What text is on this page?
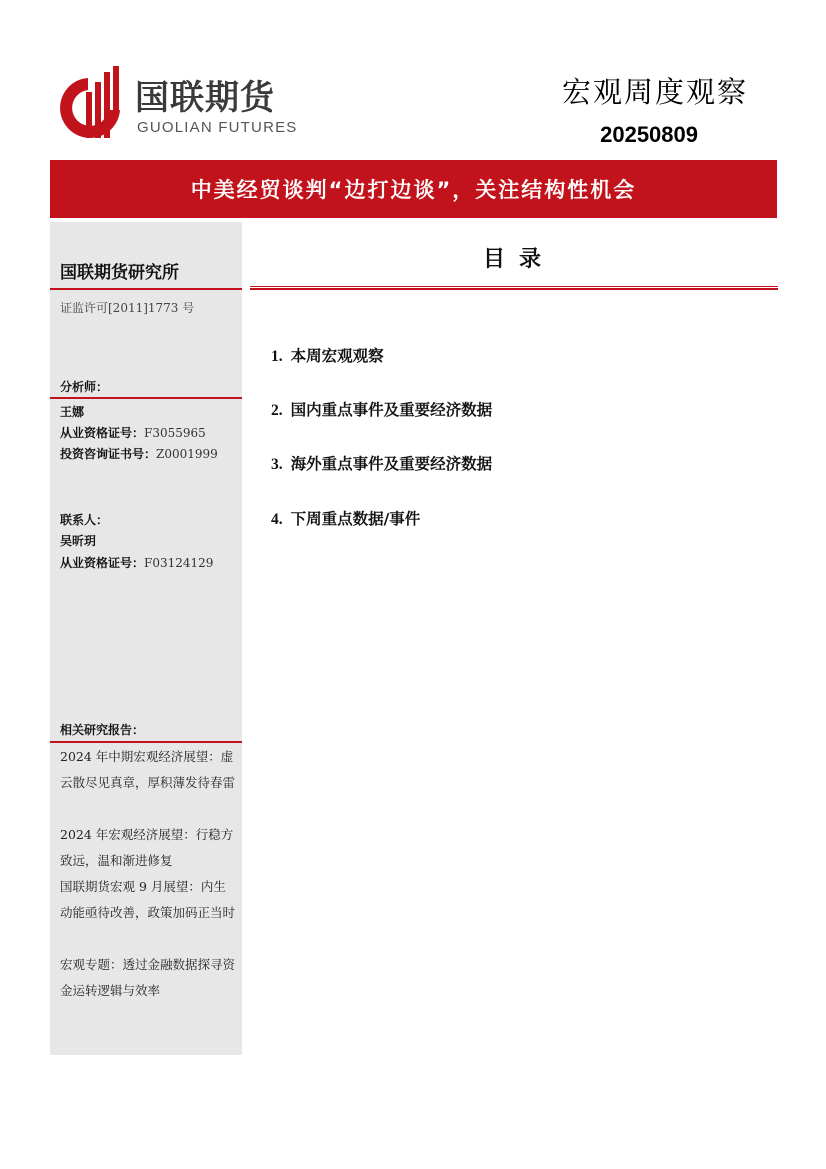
国联期货
GUOLIAN FUTURES
宏观周度观察
20250809
中美经贸谈判“边打边谈”，关注结构性机会
国联期货研究所
证监许可[2011]1773 号
分析师：
王娜
从业资格证号：F3055965
投资咨询证书号：Z0001999
联系人：
吴昕玥
从业资格证号：F03124129
相关研究报告：
2024 年中期宏观经济展望：虚云散尽见真章，厚积薄发待春雷
2024 年宏观经济展望：行稳方致远，温和渐进修复
国联期货宏观 9 月展望：内生动能亟待改善，政策加码正当时
宏观专题：透过金融数据探寻资金运转逻辑与效率
目录
1. 本周宏观观察
2. 国内重点事件及重要经济数据
3. 海外重点事件及重要经济数据
4. 下周重点数据/事件
